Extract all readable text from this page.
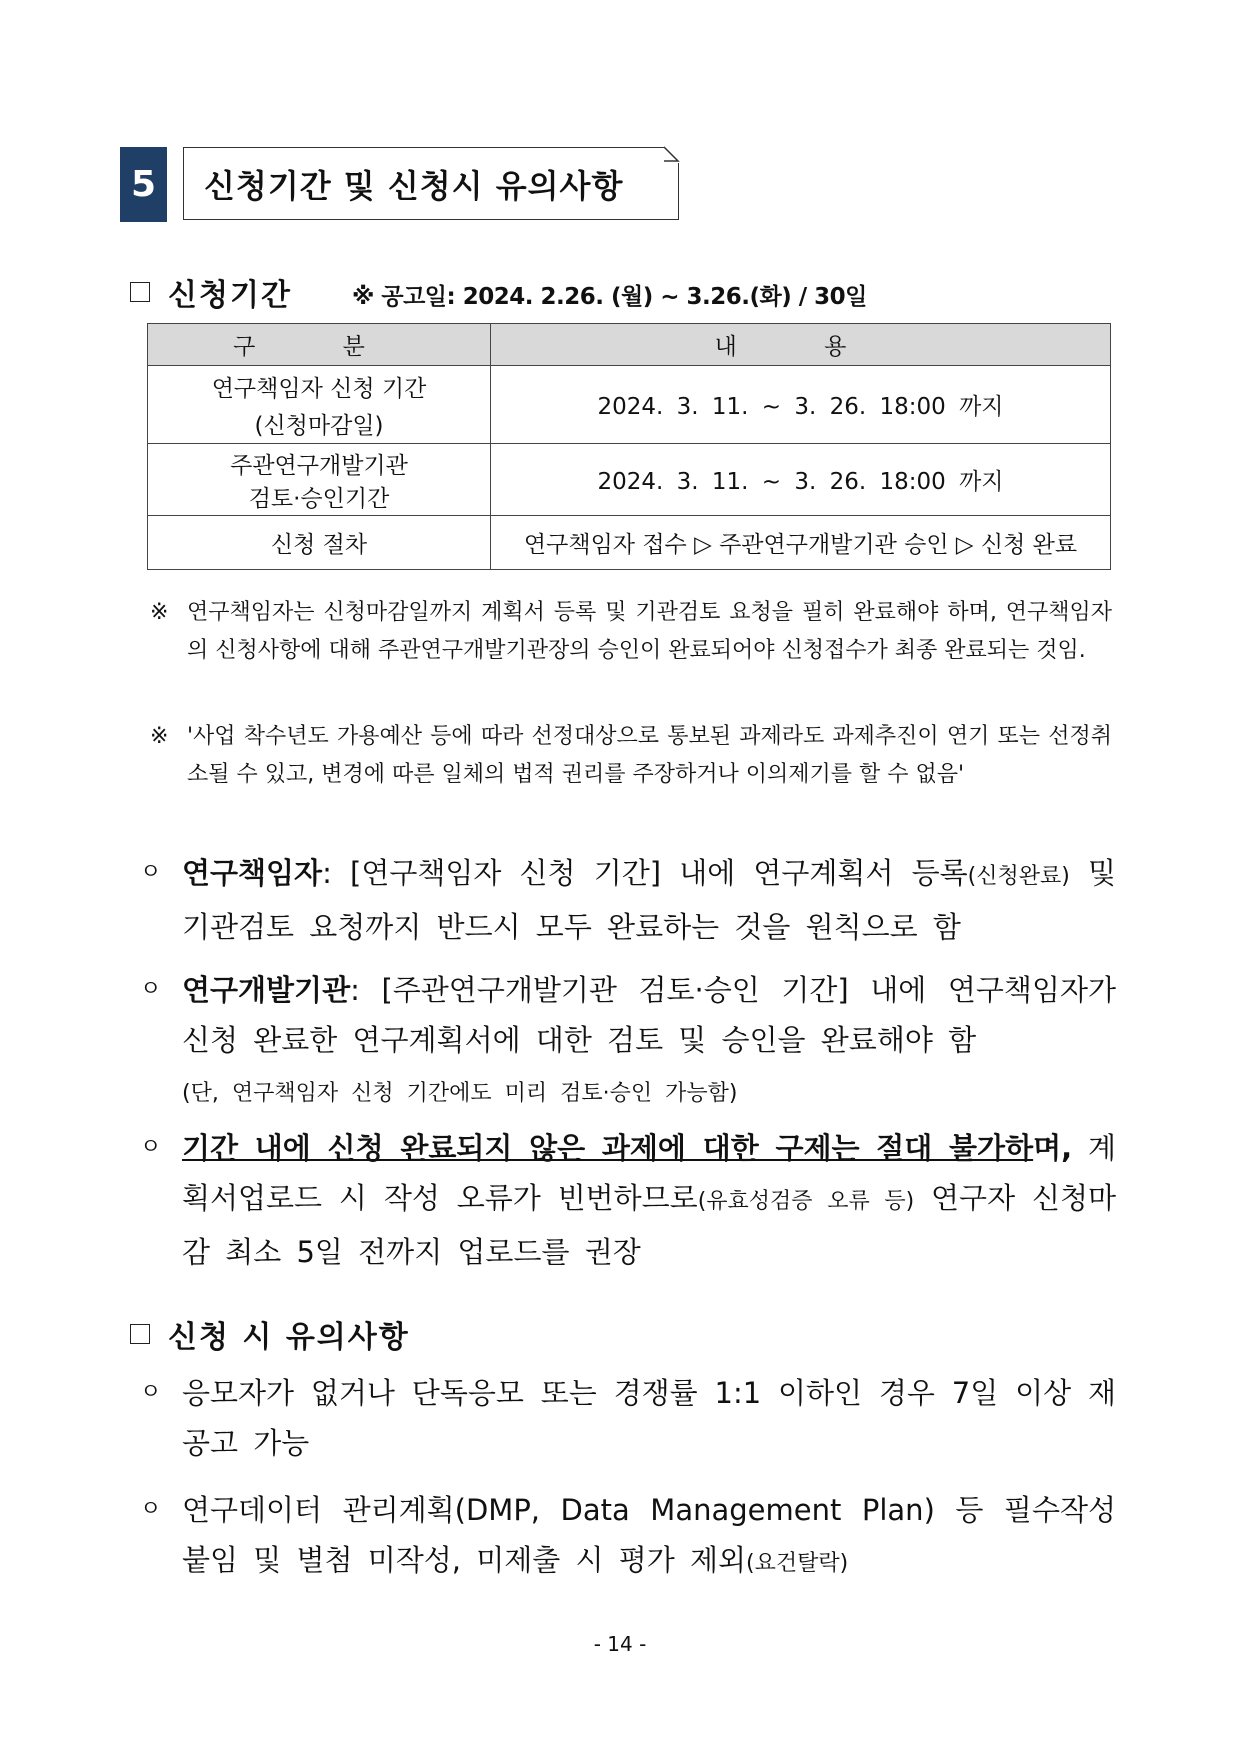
5	신청기간 및 신청시 유의사항
신청기간	※ 공고일: 2024. 2.26. (월) ~ 3.26.(화) / 30일
구 분	내 용

연구책임자 신청 기간
(신청마감일)	2024. 3. 11. ~ 3. 26. 18:00 까지

주관연구개발기관
검토·승인기간	2024. 3. 11. ~ 3. 26. 18:00 까지
신청 절차	연구책임자 접수 ▷ 주관연구개발기관 승인 ▷ 신청 완료
※ 연구책임자는 신청마감일까지 계획서 등록 및 기관검토 요청을 필히 완료해야 하며, 연구책임자의 신청사항에 대해 주관연구개발기관장의 승인이 완료되어야 신청접수가 최종 완료되는 것임.
※ '사업 착수년도 가용예산 등에 따라 선정대상으로 통보된 과제라도 과제추진이 연기 또는 선정취소될 수 있고, 변경에 따른 일체의 법적 권리를 주장하거나 이의제기를 할 수 없음'
ㅇ 연구책임자: [연구책임자 신청 기간] 내에 연구계획서 등록(신청완료) 및 기관검토 요청까지 반드시 모두 완료하는 것을 원칙으로 함
ㅇ 연구개발기관: [주관연구개발기관 검토·승인 기간] 내에 연구책임자가 신청 완료한 연구계획서에 대한 검토 및 승인을 완료해야 함
(단, 연구책임자 신청 기간에도 미리 검토·승인 가능함)
ㅇ 기간 내에 신청 완료되지 않은 과제에 대한 구제는 절대 불가하며, 계획서업로드 시 작성 오류가 빈번하므로(유효성검증 오류 등) 연구자 신청마감 최소 5일 전까지 업로드를 권장
신청 시 유의사항
ㅇ 응모자가 없거나 단독응모 또는 경쟁률 1:1 이하인 경우 7일 이상 재공고 가능
ㅇ 연구데이터 관리계획(DMP, Data Management Plan) 등 필수작성 붙임 및 별첨 미작성, 미제출 시 평가 제외(요건탈락)
- 14 -
